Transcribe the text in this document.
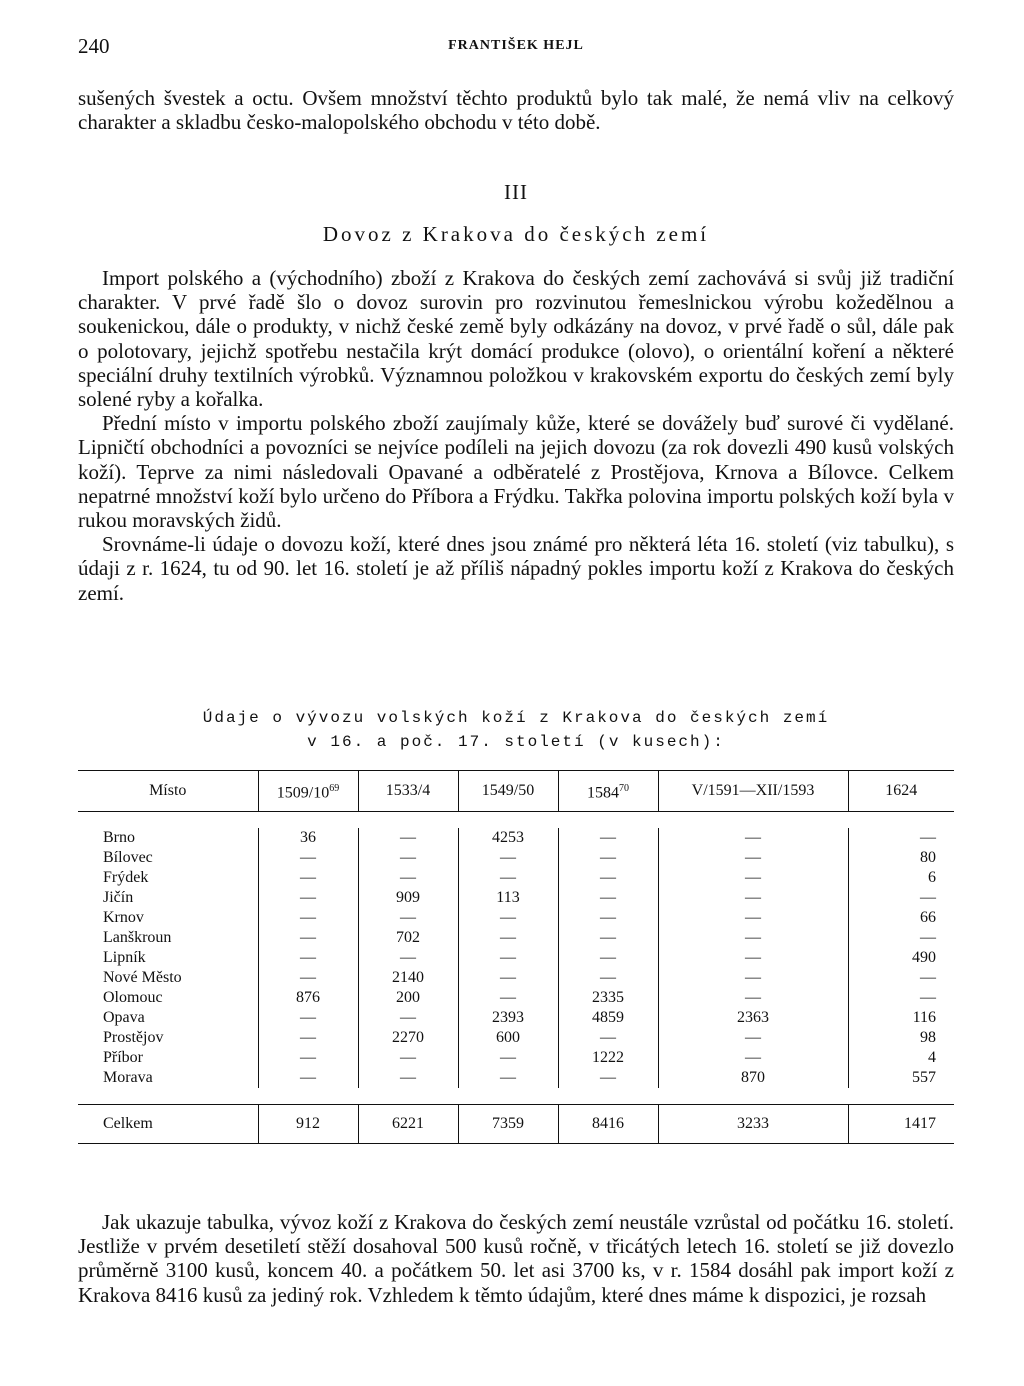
240	FRANTIŠEK HEJL

sušených švestek a octu. Ovšem množství těchto produktů bylo tak malé, že nemá vliv na celkový charakter a skladbu česko-malopolského obchodu v této době.

III
Dovoz z Krakova do českých zemí

Import polského a (východního) zboží z Krakova do českých zemí zachovává si svůj již tradiční charakter. V prvé řadě šlo o dovoz surovin pro rozvinutou řemeslnickou výrobu kožedělnou a soukenickou, dále o produkty, v nichž české země byly odkázány na dovoz, v prvé řadě o sůl, dále pak o polotovary, jejichž spotřebu nestačila krýt domácí produkce (olovo), o orientální koření a některé speciální druhy textilních výrobků. Významnou položkou v krakovském exportu do českých zemí byly solené ryby a kořalka.

Přední místo v importu polského zboží zaujímaly kůže, které se dovážely buď surové či vydělané. Lipničtí obchodníci a povozníci se nejvíce podíleli na jejich dovozu (za rok dovezli 490 kusů volských koží). Teprve za nimi následovali Opavané a odběratelé z Prostějova, Krnova a Bílovce. Celkem nepatrné množství koží bylo určeno do Příbora a Frýdku. Takřka polovina importu polských koží byla v rukou moravských židů.

Srovnáme-li údaje o dovozu koží, které dnes jsou známé pro některá léta 16. století (viz tabulku), s údaji z r. 1624, tu od 90. let 16. století je až příliš nápadný pokles importu koží z Krakova do českých zemí.

Údaje o vývozu volských koží z Krakova do českých zemí
v 16. a poč. 17. století (v kusech):
Místo	$1509/10^{69}$	1533/4	1549/50	1584$^{70}$	V/1591—XII/1593	1624

Brno	36	—	4253	—	—	—
Bílovec	—	—	—	—	—	80
Frýdek	—	—	—	—	—	6
Jičín	—	909	113	—	—	—
Krnov	—	—	—	—	—	66
Lanškroun	—	702	—	—	—	—
Lipník	—	—	—	—	—	490
Nové Město	—	2140	—	—	—	—
Olomouc	876	200	—	2335	—	—
Opava	—	—	2393	4859	2363	116
Prostějov	—	2270	600	—	—	98
Příbor	—	—	—	1222	—	4
Morava	—	—	—	—	870	557

Celkem	912	6221	7359	8416	3233	1417

Jak ukazuje tabulka, vývoz koží z Krakova do českých zemí neustále vzrůstal od počátku 16. století. Jestliže v prvém desetiletí stěží dosahoval 500 kusů ročně, v třicátých letech 16. století se již dovezlo průměrně 3100 kusů, koncem 40. a počátkem 50. let asi 3700 ks, v r. 1584 dosáhl pak import koží z Krakova 8416 kusů za jediný rok. Vzhledem k těmto údajům, které dnes máme k dispozici, je rozsah
